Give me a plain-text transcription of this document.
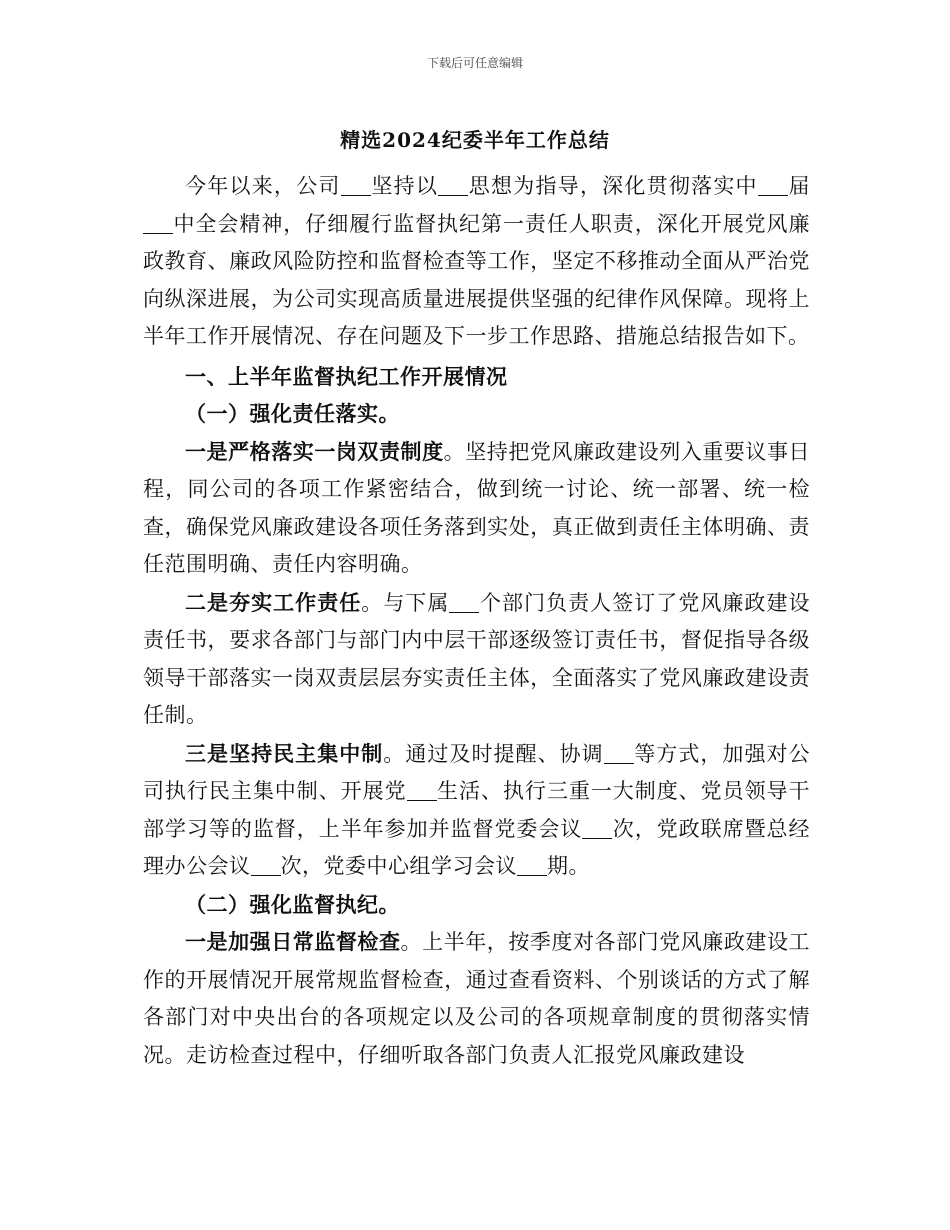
下载后可任意编辑
精选2024纪委半年工作总结

今年以来，公司 坚持以 思想为指导，深化贯彻落实中 届中全会精神，仔细履行监督执纪第一责任人职责，深化开展党风廉政教育、廉政风险防控和监督检查等工作，坚定不移推动全面从严治党向纵深进展，为公司实现高质量进展提供坚强的纪律作风保障。现将上半年工作开展情况、存在问题及下一步工作思路、措施总结报告如下。

一、上半年监督执纪工作开展情况

（一）强化责任落实。

一是严格落实一岗双责制度。坚持把党风廉政建设列入重要议事日程，同公司的各项工作紧密结合，做到统一讨论、统一部署、统一检查，确保党风廉政建设各项任务落到实处，真正做到责任主体明确、责任范围明确、责任内容明确。

二是夯实工作责任。与下属 个部门负责人签订了党风廉政建设责任书，要求各部门与部门内中层干部逐级签订责任书，督促指导各级领导干部落实一岗双责层层夯实责任主体，全面落实了党风廉政建设责任制。

三是坚持民主集中制。通过及时提醒、协调 等方式，加强对公司执行民主集中制、开展党 生活、执行三重一大制度、党员领导干部学习等的监督，上半年参加并监督党委会议 次，党政联席暨总经理办公会议 次，党委中心组学习会议 期。

（二）强化监督执纪。

一是加强日常监督检查。上半年，按季度对各部门党风廉政建设工作的开展情况开展常规监督检查，通过查看资料、个别谈话的方式了解各部门对中央出台的各项规定以及公司的各项规章制度的贯彻落实情况。走访检查过程中，仔细听取各部门负责人汇报党风廉政建设
